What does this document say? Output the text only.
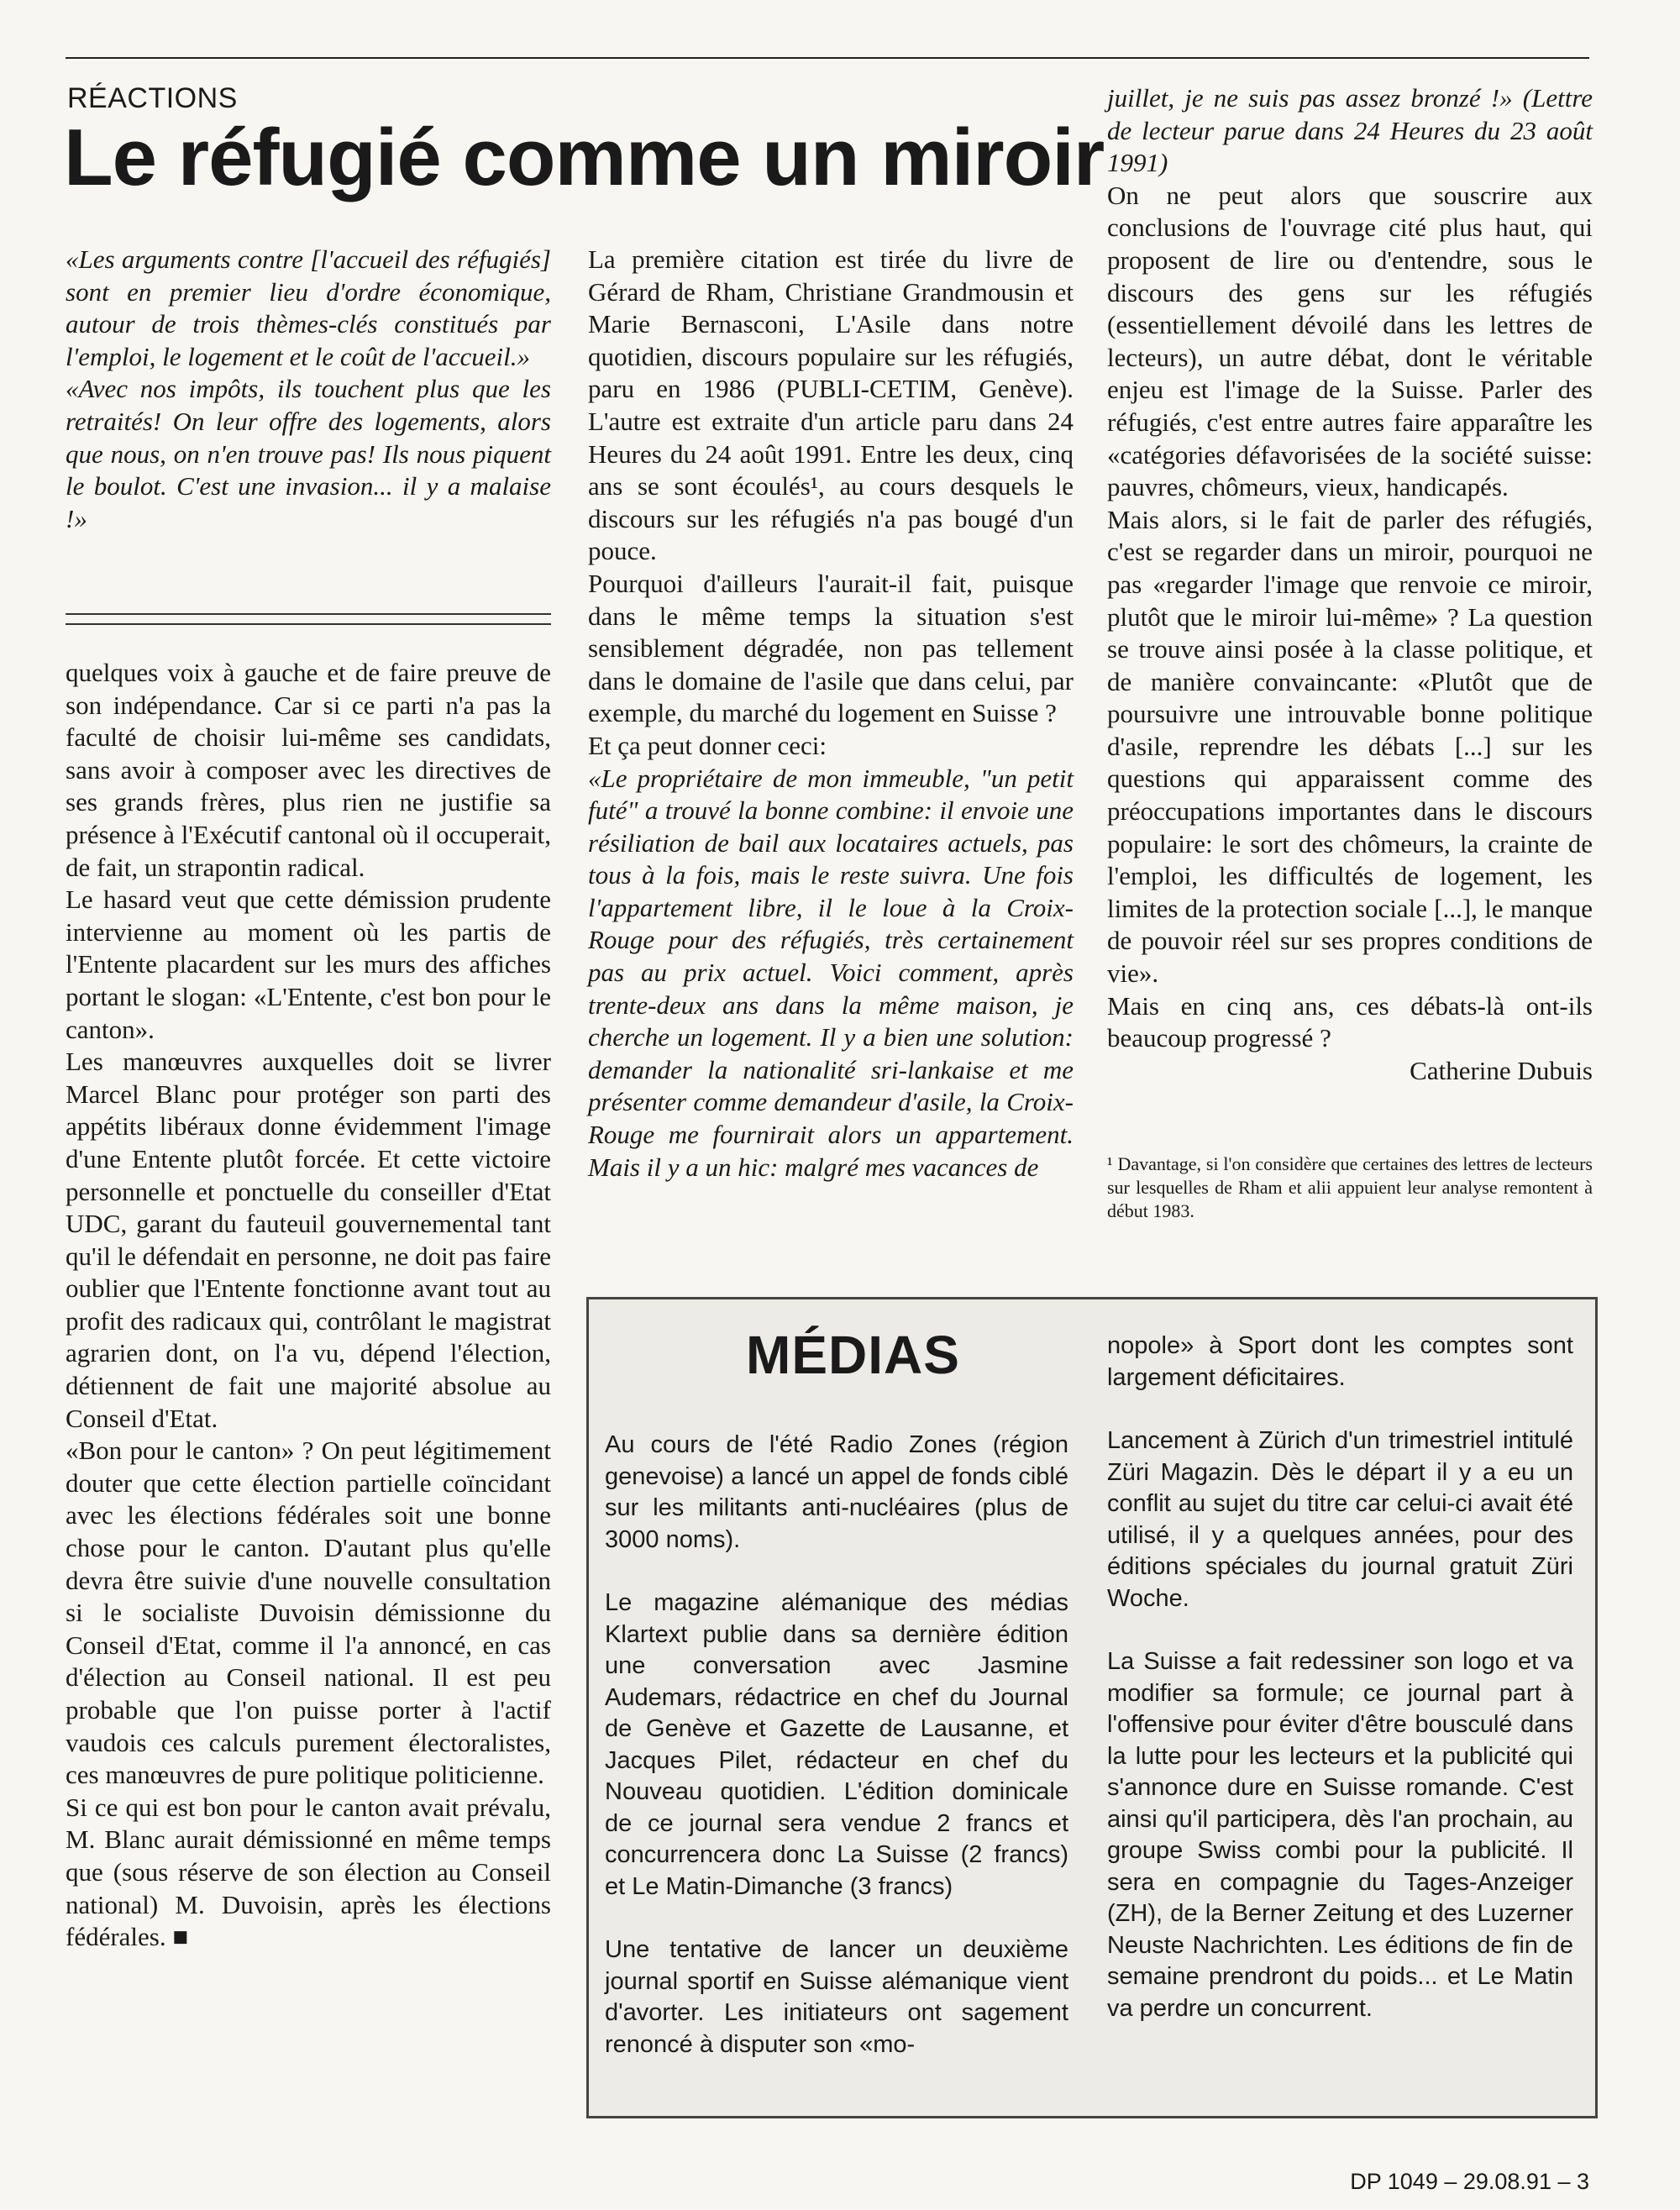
RÉACTIONS
Le réfugié comme un miroir

«Les arguments contre [l'accueil des réfugiés] sont en premier lieu d'ordre économique, autour de trois thèmes-clés constitués par l'emploi, le logement et le coût de l'accueil.»

«Avec nos impôts, ils touchent plus que les retraités! On leur offre des logements, alors que nous, on n'en trouve pas! Ils nous piquent le boulot. C'est une invasion... il y a malaise !»

quelques voix à gauche et de faire preuve de son indépendance. Car si ce parti n'a pas la faculté de choisir lui-même ses candidats, sans avoir à composer avec les directives de ses grands frères, plus rien ne justifie sa présence à l'Exécutif cantonal où il occuperait, de fait, un strapontin radical.

Le hasard veut que cette démission prudente intervienne au moment où les partis de l'Entente placardent sur les murs des affiches portant le slogan: «L'Entente, c'est bon pour le canton».

Les manœuvres auxquelles doit se livrer Marcel Blanc pour protéger son parti des appétits libéraux donne évidemment l'image d'une Entente plutôt forcée. Et cette victoire personnelle et ponctuelle du conseiller d'Etat UDC, garant du fauteuil gouvernemental tant qu'il le défendait en personne, ne doit pas faire oublier que l'Entente fonctionne avant tout au profit des radicaux qui, contrôlant le magistrat agrarien dont, on l'a vu, dépend l'élection, détiennent de fait une majorité absolue au Conseil d'Etat.

«Bon pour le canton» ? On peut légitimement douter que cette élection partielle coïncidant avec les élections fédérales soit une bonne chose pour le canton. D'autant plus qu'elle devra être suivie d'une nouvelle consultation si le socialiste Duvoisin démissionne du Conseil d'Etat, comme il l'a annoncé, en cas d'élection au Conseil national. Il est peu probable que l'on puisse porter à l'actif vaudois ces calculs purement électoralistes, ces manœuvres de pure politique politicienne.

Si ce qui est bon pour le canton avait prévalu, M. Blanc aurait démissionné en même temps que (sous réserve de son élection au Conseil national) M. Duvoisin, après les élections fédérales. ■

La première citation est tirée du livre de Gérard de Rham, Christiane Grandmousin et Marie Bernasconi, L'Asile dans notre quotidien, discours populaire sur les réfugiés, paru en 1986 (PUBLI-CETIM, Genève). L'autre est extraite d'un article paru dans 24 Heures du 24 août 1991. Entre les deux, cinq ans se sont écoulés¹, au cours desquels le discours sur les réfugiés n'a pas bougé d'un pouce.

Pourquoi d'ailleurs l'aurait-il fait, puisque dans le même temps la situation s'est sensiblement dégradée, non pas tellement dans le domaine de l'asile que dans celui, par exemple, du marché du logement en Suisse ?

Et ça peut donner ceci:

«Le propriétaire de mon immeuble, "un petit futé" a trouvé la bonne combine: il envoie une résiliation de bail aux locataires actuels, pas tous à la fois, mais le reste suivra. Une fois l'appartement libre, il le loue à la Croix-Rouge pour des réfugiés, très certainement pas au prix actuel. Voici comment, après trente-deux ans dans la même maison, je cherche un logement. Il y a bien une solution: demander la nationalité sri-lankaise et me présenter comme demandeur d'asile, la Croix-Rouge me fournirait alors un appartement. Mais il y a un hic: malgré mes vacances de

juillet, je ne suis pas assez bronzé !» (Lettre de lecteur parue dans 24 Heures du 23 août 1991)

On ne peut alors que souscrire aux conclusions de l'ouvrage cité plus haut, qui proposent de lire ou d'entendre, sous le discours des gens sur les réfugiés (essentiellement dévoilé dans les lettres de lecteurs), un autre débat, dont le véritable enjeu est l'image de la Suisse. Parler des réfugiés, c'est entre autres faire apparaître les «catégories défavorisées de la société suisse: pauvres, chômeurs, vieux, handicapés.

Mais alors, si le fait de parler des réfugiés, c'est se regarder dans un miroir, pourquoi ne pas «regarder l'image que renvoie ce miroir, plutôt que le miroir lui-même» ? La question se trouve ainsi posée à la classe politique, et de manière convaincante: «Plutôt que de poursuivre une introuvable bonne politique d'asile, reprendre les débats [...] sur les questions qui apparaissent comme des préoccupations importantes dans le discours populaire: le sort des chômeurs, la crainte de l'emploi, les difficultés de logement, les limites de la protection sociale [...], le manque de pouvoir réel sur ses propres conditions de vie».

Mais en cinq ans, ces débats-là ont-ils beaucoup progressé ?

Catherine Dubuis

¹ Davantage, si l'on considère que certaines des lettres de lecteurs sur lesquelles de Rham et alii appuient leur analyse remontent à début 1983.
MÉDIAS

Au cours de l'été Radio Zones (région genevoise) a lancé un appel de fonds ciblé sur les militants anti-nucléaires (plus de 3000 noms).

Le magazine alémanique des médias Klartext publie dans sa dernière édition une conversation avec Jasmine Audemars, rédactrice en chef du Journal de Genève et Gazette de Lausanne, et Jacques Pilet, rédacteur en chef du Nouveau quotidien. L'édition dominicale de ce journal sera vendue 2 francs et concurrencera donc La Suisse (2 francs) et Le Matin-Dimanche (3 francs)

Une tentative de lancer un deuxième journal sportif en Suisse alémanique vient d'avorter. Les initiateurs ont sagement renoncé à disputer son «mo-

nopole» à Sport dont les comptes sont largement déficitaires.

Lancement à Zürich d'un trimestriel intitulé Züri Magazin. Dès le départ il y a eu un conflit au sujet du titre car celui-ci avait été utilisé, il y a quelques années, pour des éditions spéciales du journal gratuit Züri Woche.

La Suisse a fait redessiner son logo et va modifier sa formule; ce journal part à l'offensive pour éviter d'être bousculé dans la lutte pour les lecteurs et la publicité qui s'annonce dure en Suisse romande. C'est ainsi qu'il participera, dès l'an prochain, au groupe Swiss combi pour la publicité. Il sera en compagnie du Tages-Anzeiger (ZH), de la Berner Zeitung et des Luzerner Neuste Nachrichten. Les éditions de fin de semaine prendront du poids... et Le Matin va perdre un concurrent.

DP 1049 – 29.08.91 – 3
